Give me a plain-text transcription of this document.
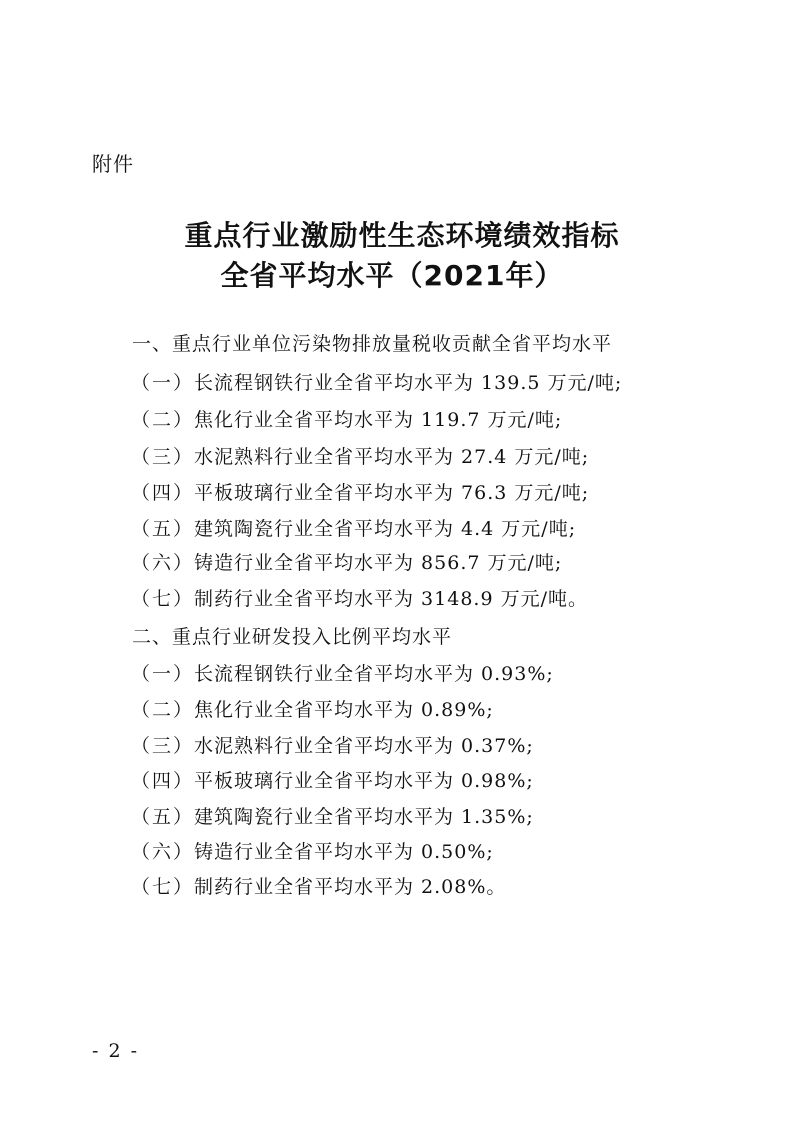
附件
重点行业激励性生态环境绩效指标
全省平均水平（2021年）
一、重点行业单位污染物排放量税收贡献全省平均水平
（一）长流程钢铁行业全省平均水平为 139.5 万元/吨;
（二）焦化行业全省平均水平为 119.7 万元/吨;
（三）水泥熟料行业全省平均水平为 27.4 万元/吨;
（四）平板玻璃行业全省平均水平为 76.3 万元/吨;
（五）建筑陶瓷行业全省平均水平为 4.4 万元/吨;
（六）铸造行业全省平均水平为 856.7 万元/吨;
（七）制药行业全省平均水平为 3148.9 万元/吨。
二、重点行业研发投入比例平均水平
（一）长流程钢铁行业全省平均水平为 0.93%;
（二）焦化行业全省平均水平为 0.89%;
（三）水泥熟料行业全省平均水平为 0.37%;
（四）平板玻璃行业全省平均水平为 0.98%;
（五）建筑陶瓷行业全省平均水平为 1.35%;
（六）铸造行业全省平均水平为 0.50%;
（七）制药行业全省平均水平为 2.08%。
- 2 -
